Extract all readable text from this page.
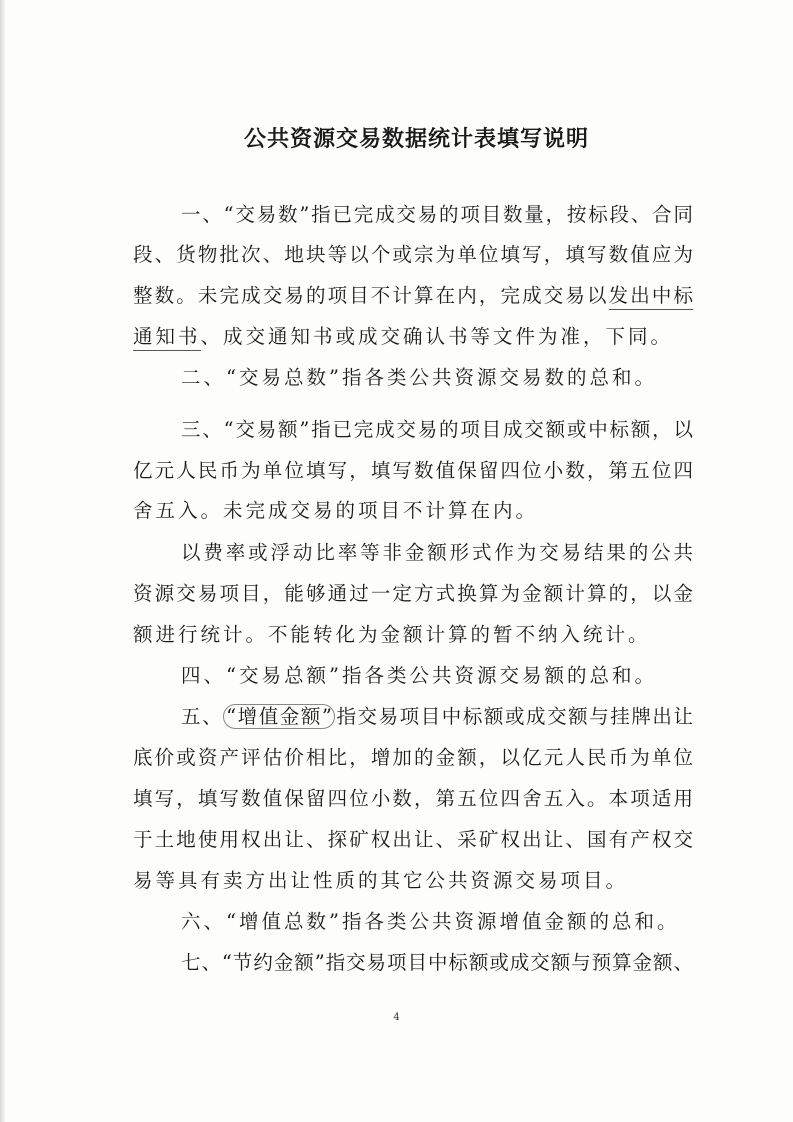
公共资源交易数据统计表填写说明

一、“交易数”指已完成交易的项目数量，按标段、合同

段、货物批次、地块等以个或宗为单位填写，填写数值应为

整数。未完成交易的项目不计算在内，完成交易以发出中标

通知书、成交通知书或成交确认书等文件为准，下同。

二、“交易总数”指各类公共资源交易数的总和。

三、“交易额”指已完成交易的项目成交额或中标额，以

亿元人民币为单位填写，填写数值保留四位小数，第五位四

舍五入。未完成交易的项目不计算在内。

以费率或浮动比率等非金额形式作为交易结果的公共

资源交易项目，能够通过一定方式换算为金额计算的，以金

额进行统计。不能转化为金额计算的暂不纳入统计。

四、“交易总额”指各类公共资源交易额的总和。

五、 “增值金额” 指交易项目中标额或成交额与挂牌出让

底价或资产评估价相比，增加的金额，以亿元人民币为单位

填写，填写数值保留四位小数，第五位四舍五入。本项适用

于土地使用权出让、探矿权出让、采矿权出让、国有产权交

易等具有卖方出让性质的其它公共资源交易项目。

六、“增值总数”指各类公共资源增值金额的总和。

七、“节约金额”指交易项目中标额或成交额与预算金额、

4
